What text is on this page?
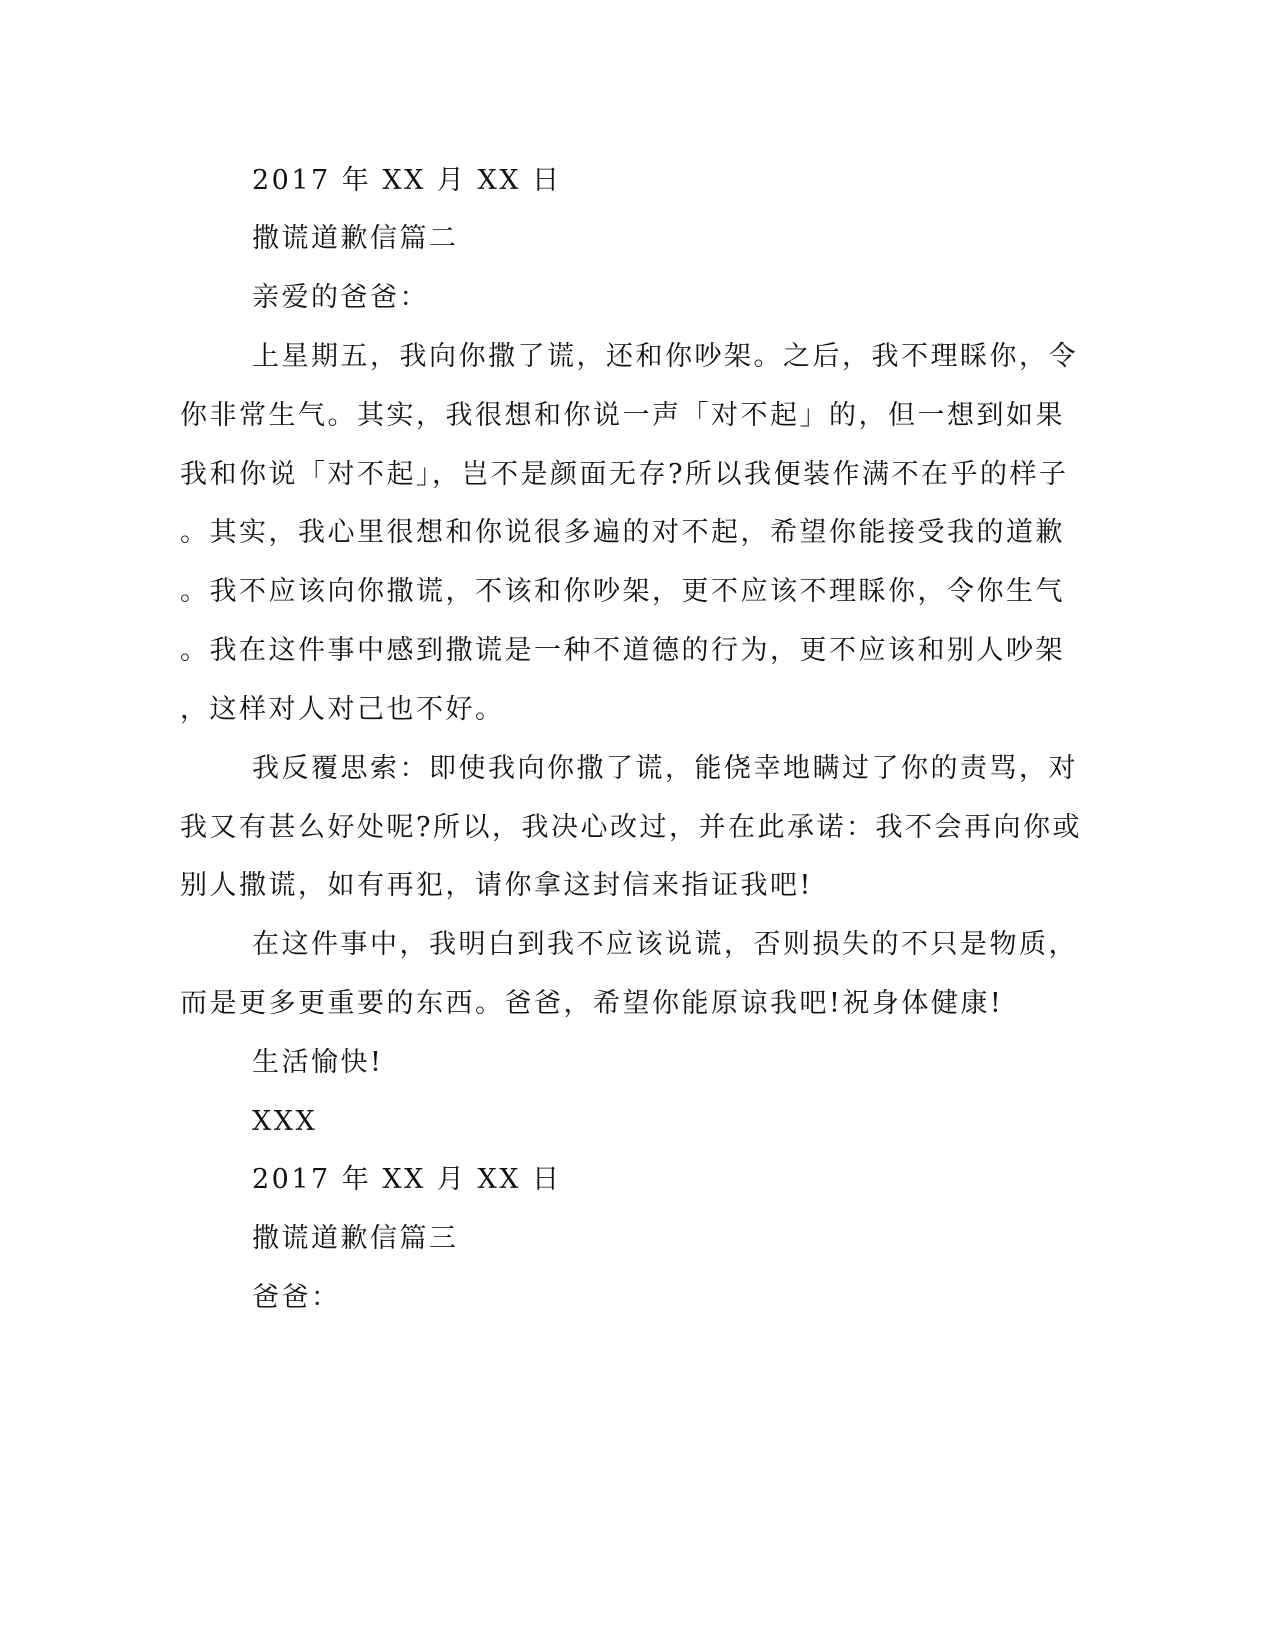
2017 年 XX 月 XX 日

撒谎道歉信篇二

亲爱的爸爸：

上星期五，我向你撒了谎，还和你吵架。之后，我不理睬你，令

你非常生气。其实，我很想和你说一声「对不起」的，但一想到如果

我和你说「对不起」，岂不是颜面无存?所以我便装作满不在乎的样子

。其实，我心里很想和你说很多遍的对不起，希望你能接受我的道歉

。我不应该向你撒谎，不该和你吵架，更不应该不理睬你，令你生气

。我在这件事中感到撒谎是一种不道德的行为，更不应该和别人吵架

，这样对人对己也不好。

我反覆思索：即使我向你撒了谎，能侥幸地瞒过了你的责骂，对

我又有甚么好处呢?所以，我决心改过，并在此承诺：我不会再向你或

别人撒谎，如有再犯，请你拿这封信来指证我吧!

在这件事中，我明白到我不应该说谎，否则损失的不只是物质，

而是更多更重要的东西。爸爸，希望你能原谅我吧!祝身体健康!

生活愉快!

XXX

2017 年 XX 月 XX 日

撒谎道歉信篇三

爸爸：
